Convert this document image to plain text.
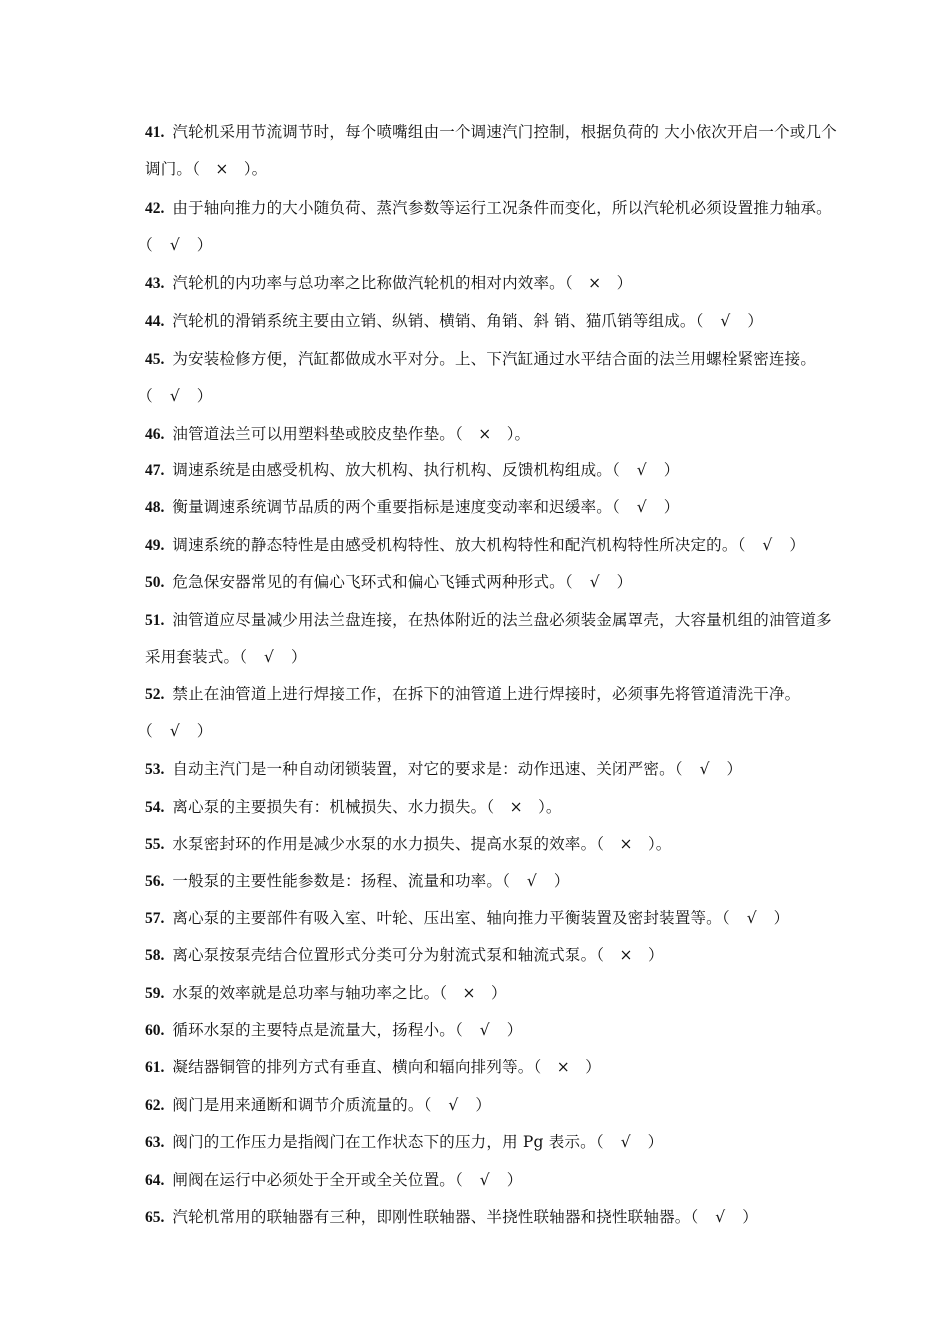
41. 汽轮机采用节流调节时，每个喷嘴组由一个调速汽门控制，根据负荷的 大小依次开启一个或几个调门。（ × ）。
42. 由于轴向推力的大小随负荷、蒸汽参数等运行工况条件而变化，所以汽轮机必须设置推力轴承。（ √ ）
43. 汽轮机的内功率与总功率之比称做汽轮机的相对内效率。（ × ）
44. 汽轮机的滑销系统主要由立销、纵销、横销、角销、斜 销、猫爪销等组成。（ √ ）
45. 为安装检修方便，汽缸都做成水平对分。上、下汽缸通过水平结合面的法兰用螺栓紧密连接。（ √ ）
46. 油管道法兰可以用塑料垫或胶皮垫作垫。（ × ）。
47. 调速系统是由感受机构、放大机构、执行机构、反馈机构组成。（ √ ）
48. 衡量调速系统调节品质的两个重要指标是速度变动率和迟缓率。（ √ ）
49. 调速系统的静态特性是由感受机构特性、放大机构特性和配汽机构特性所决定的。（ √ ）
50. 危急保安器常见的有偏心飞环式和偏心飞锤式两种形式。（ √ ）
51. 油管道应尽量减少用法兰盘连接，在热体附近的法兰盘必须装金属罩壳，大容量机组的油管道多采用套装式。（ √ ）
52. 禁止在油管道上进行焊接工作，在拆下的油管道上进行焊接时，必须事先将管道清洗干净。（ √ ）
53. 自动主汽门是一种自动闭锁装置，对它的要求是：动作迅速、关闭严密。（ √ ）
54. 离心泵的主要损失有：机械损失、水力损失。（ × ）。
55. 水泵密封环的作用是减少水泵的水力损失、提高水泵的效率。（ × ）。
56. 一般泵的主要性能参数是：扬程、流量和功率。（ √ ）
57. 离心泵的主要部件有吸入室、叶轮、压出室、轴向推力平衡装置及密封装置等。（ √ ）
58. 离心泵按泵壳结合位置形式分类可分为射流式泵和轴流式泵。（ × ）
59. 水泵的效率就是总功率与轴功率之比。（ × ）
60. 循环水泵的主要特点是流量大，扬程小。（ √ ）
61. 凝结器铜管的排列方式有垂直、横向和辐向排列等。（ × ）
62. 阀门是用来通断和调节介质流量的。（ √ ）
63. 阀门的工作压力是指阀门在工作状态下的压力，用 Pg 表示。（ √ ）
64. 闸阀在运行中必须处于全开或全关位置。（ √ ）
65. 汽轮机常用的联轴器有三种，即刚性联轴器、半挠性联轴器和挠性联轴器。（ √ ）
